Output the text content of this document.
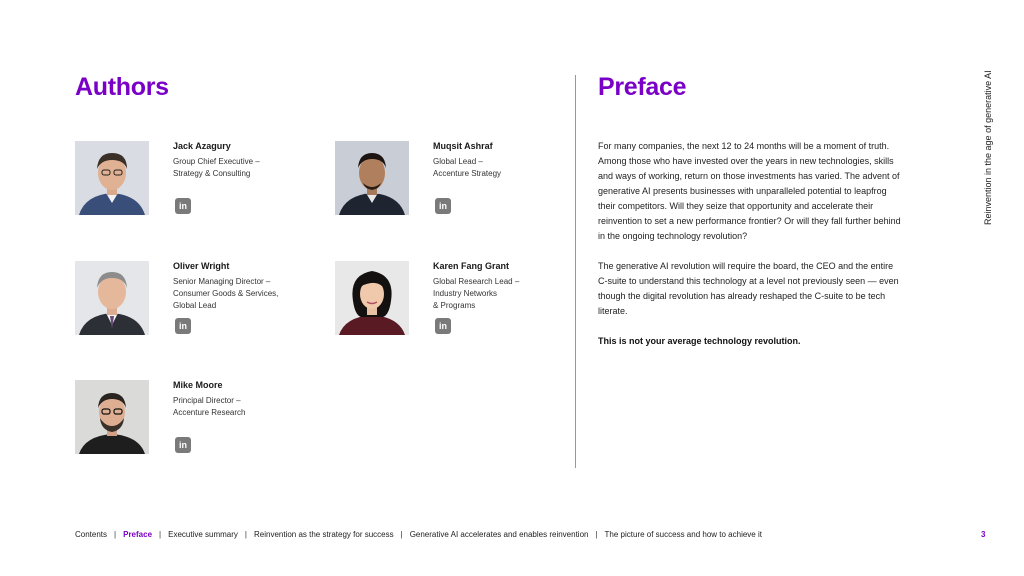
Authors	Preface
Jack Azagury
Group Chief Executive –
Strategy & Consulting
in
Muqsit Ashraf
Global Lead –
Accenture Strategy
in
Oliver Wright
Senior Managing Director –
Consumer Goods & Services,
Global Lead
in
Karen Fang Grant
Global Research Lead –
Industry Networks
& Programs
in
Mike Moore
Principal Director –
Accenture Research
in

For many companies, the next 12 to 24 months will be a moment of truth. Among those who have invested over the years in new technologies, skills and ways of working, return on those investments has varied. The advent of generative AI presents businesses with unparalleled potential to leapfrog their competitors. Will they seize that opportunity and accelerate their reinvention to set a new performance frontier? Or will they fall further behind in the ongoing technology revolution?

The generative AI revolution will require the board, the CEO and the entire C-suite to understand this technology at a level not previously seen — even though the digital revolution has already reshaped the C-suite to be tech literate.

This is not your average technology revolution.

Reinvention in the age of generative AI
Contents | Preface | Executive summary | Reinvention as the strategy for success | Generative AI accelerates and enables reinvention | The picture of success and how to achieve it	3
